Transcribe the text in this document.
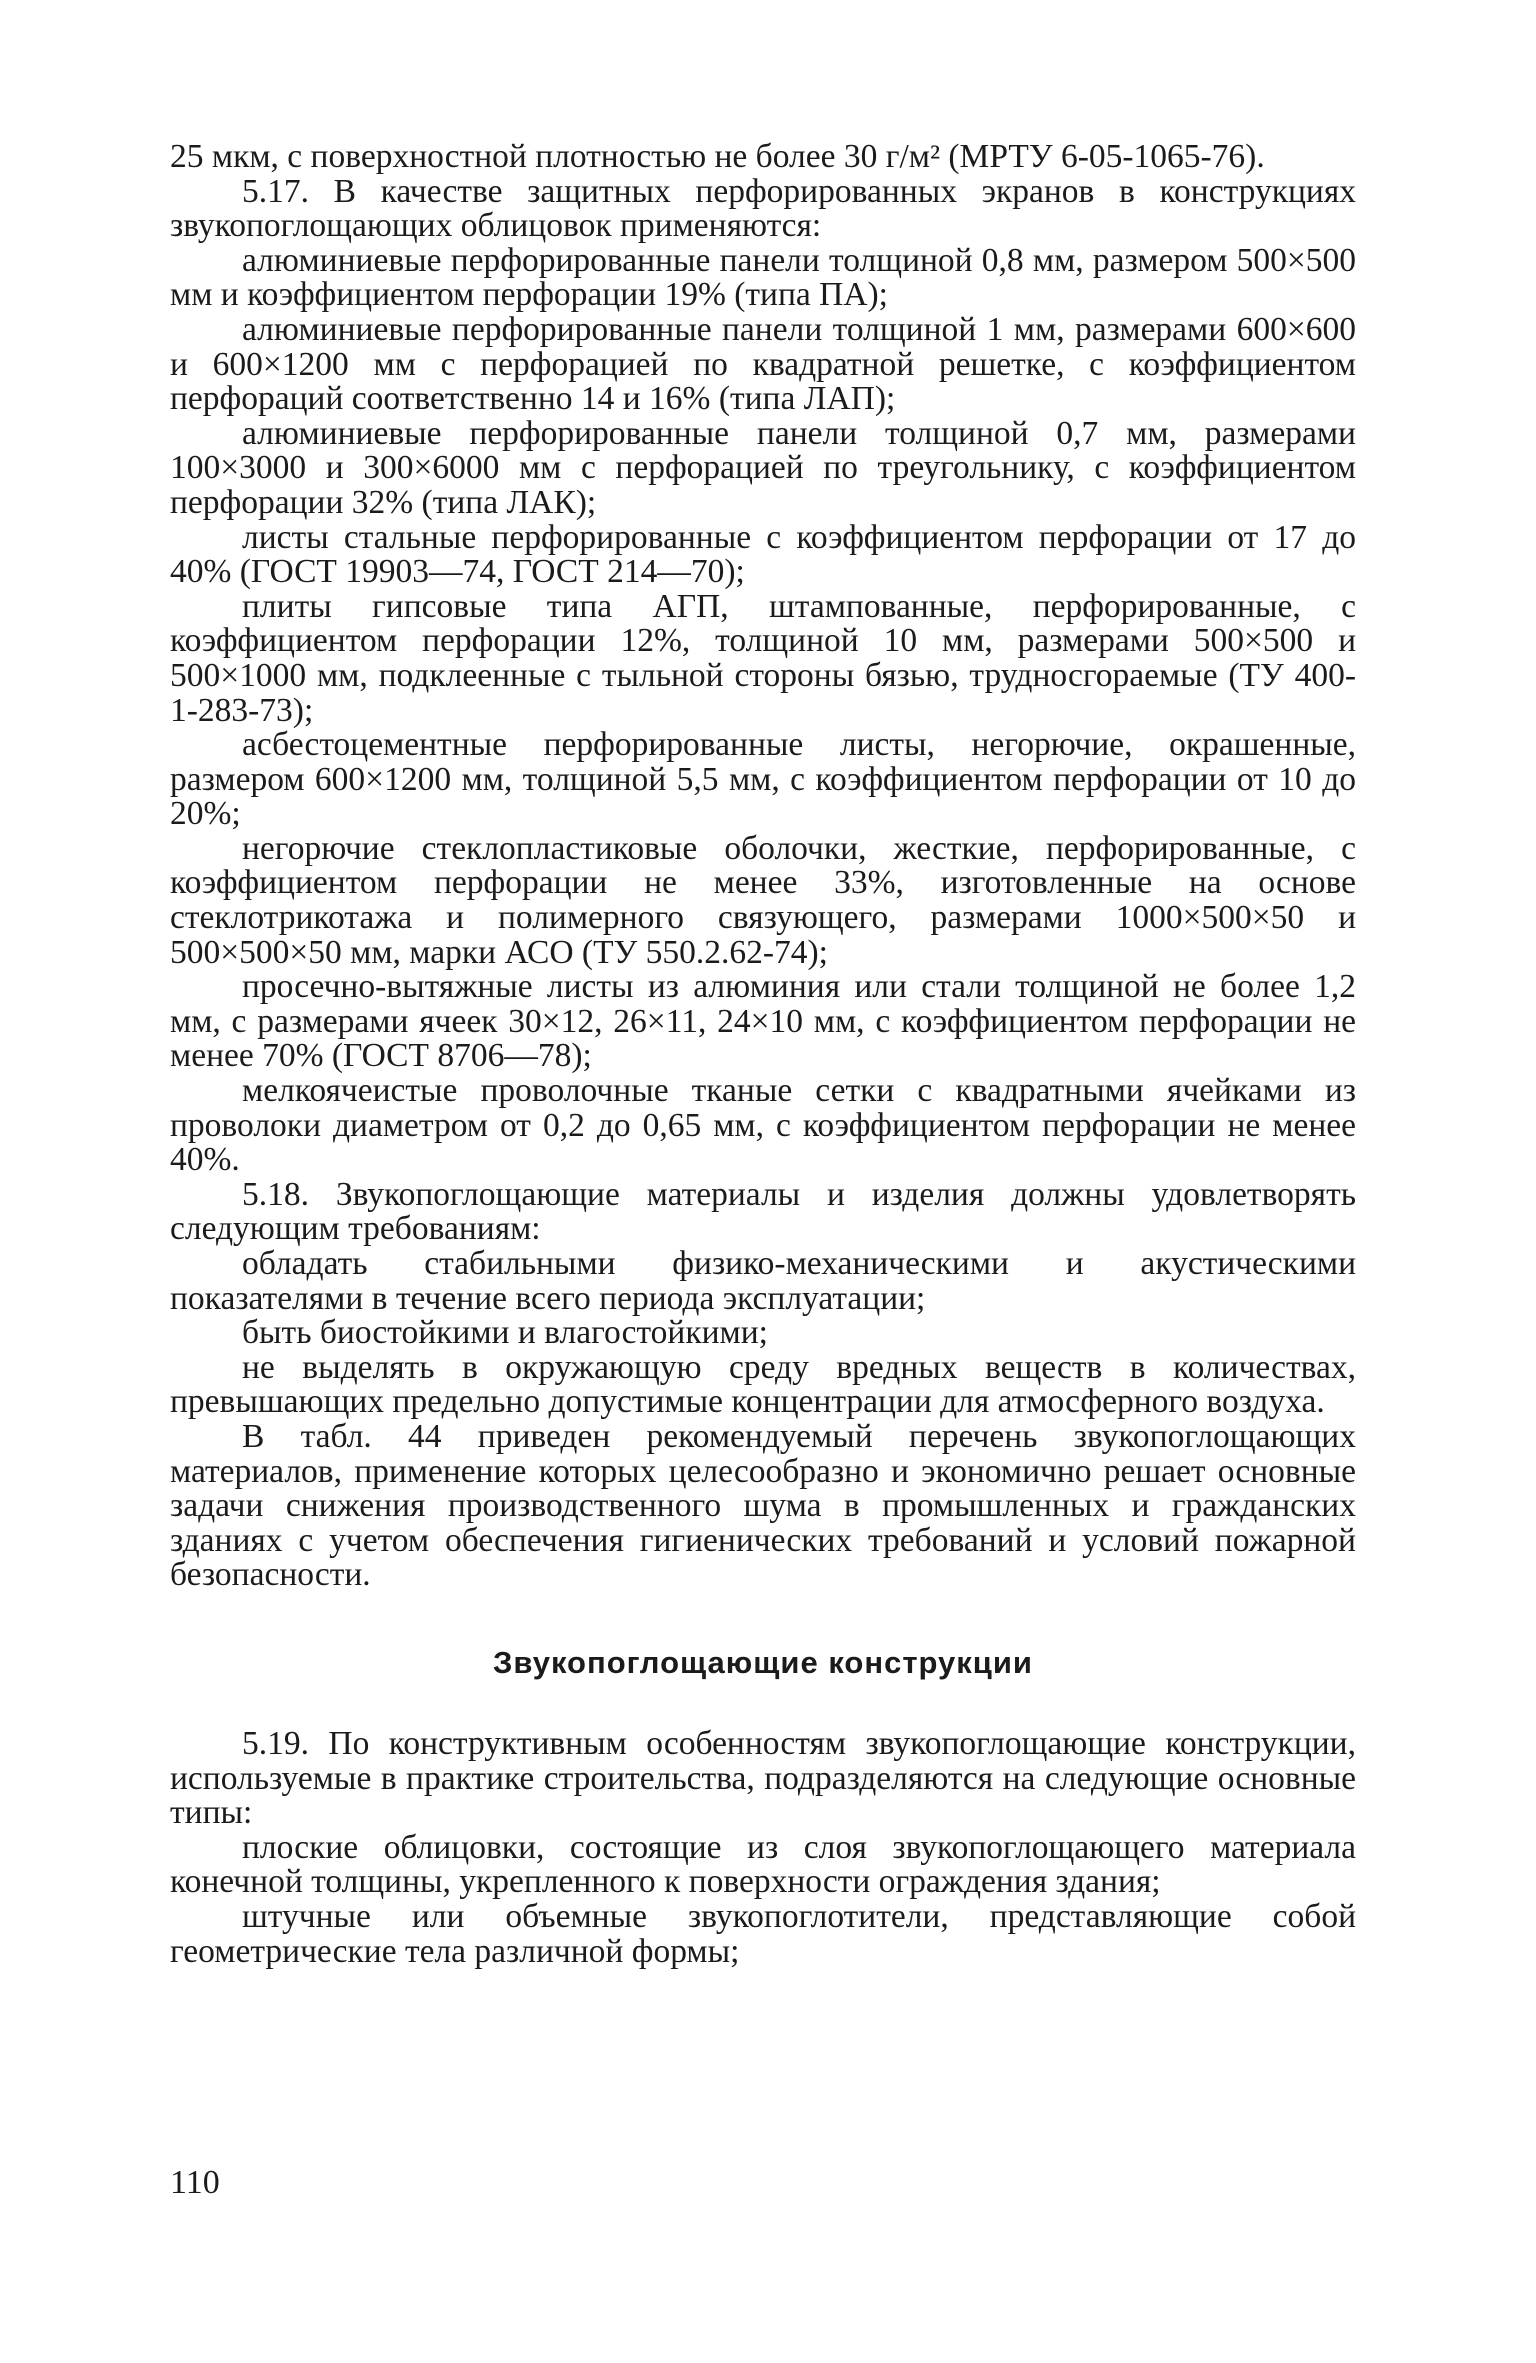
25 мкм, с поверхностной плотностью не более 30 г/м² (МРТУ 6-05-1065-76).

5.17. В качестве защитных перфорированных экранов в конструкциях звукопоглощающих облицовок применяются:

алюминиевые перфорированные панели толщиной 0,8 мм, размером 500×500 мм и коэффициентом перфорации 19% (типа ПА);

алюминиевые перфорированные панели толщиной 1 мм, размерами 600×600 и 600×1200 мм с перфорацией по квадратной решетке, с коэффициентом перфораций соответственно 14 и 16% (типа ЛАП);

алюминиевые перфорированные панели толщиной 0,7 мм, размерами 100×3000 и 300×6000 мм с перфорацией по треугольнику, с коэффициентом перфорации 32% (типа ЛАК);

листы стальные перфорированные с коэффициентом перфорации от 17 до 40% (ГОСТ 19903—74, ГОСТ 214—70);

плиты гипсовые типа АГП, штампованные, перфорированные, с коэффициентом перфорации 12%, толщиной 10 мм, размерами 500×500 и 500×1000 мм, подклеенные с тыльной стороны бязью, трудносгораемые (ТУ 400-1-283-73);

асбестоцементные перфорированные листы, негорючие, окрашенные, размером 600×1200 мм, толщиной 5,5 мм, с коэффициентом перфорации от 10 до 20%;

негорючие стеклопластиковые оболочки, жесткие, перфорированные, с коэффициентом перфорации не менее 33%, изготовленные на основе стеклотрикотажа и полимерного связующего, размерами 1000×500×50 и 500×500×50 мм, марки АСО (ТУ 550.2.62-74);

просечно-вытяжные листы из алюминия или стали толщиной не более 1,2 мм, с размерами ячеек 30×12, 26×11, 24×10 мм, с коэффициентом перфорации не менее 70% (ГОСТ 8706—78);

мелкоячеистые проволочные тканые сетки с квадратными ячейками из проволоки диаметром от 0,2 до 0,65 мм, с коэффициентом перфорации не менее 40%.

5.18. Звукопоглощающие материалы и изделия должны удовлетворять следующим требованиям:

обладать стабильными физико-механическими и акустическими показателями в течение всего периода эксплуатации;

быть биостойкими и влагостойкими;

не выделять в окружающую среду вредных веществ в количествах, превышающих предельно допустимые концентрации для атмосферного воздуха.

В табл. 44 приведен рекомендуемый перечень звукопоглощающих материалов, применение которых целесообразно и экономично решает основные задачи снижения производственного шума в промышленных и гражданских зданиях с учетом обеспечения гигиенических требований и условий пожарной безопасности.

Звукопоглощающие конструкции

5.19. По конструктивным особенностям звукопоглощающие конструкции, используемые в практике строительства, подразделяются на следующие основные типы:

плоские облицовки, состоящие из слоя звукопоглощающего материала конечной толщины, укрепленного к поверхности ограждения здания;

штучные или объемные звукопоглотители, представляющие собой геометрические тела различной формы;

110
